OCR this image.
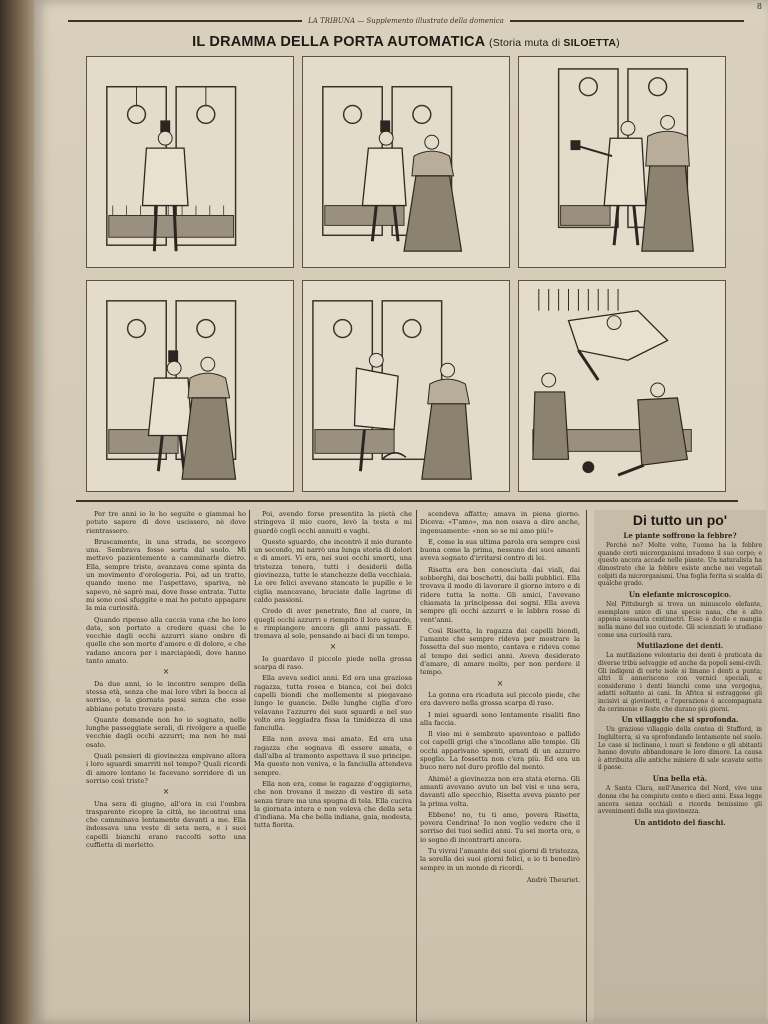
LA TRIBUNA — Supplemento illustrato della domenica
8
IL DRAMMA DELLA PORTA AUTOMATICA (Storia muta di SILOETTA)

Per tre anni io le ho seguite e giammai ho potuto sapere di dove uscissero, nè dove rientrassero.

Bruscamente, in una strada, ne scorgevo una. Sembrava fosse sorta dal suolo. Mi mettevo pazientemente a camminarle dietro. Ella, sempre triste, avanzava come spinta da un movimento d'orologeria. Poi, ad un tratto, quando meno me l'aspettavo, spariva, nè sapevo, nè saprò mai, dove fosse entrata. Tutte mi sono così sfuggite e mai ho potuto appagare la mia curiosità.

Quando ripenso alla caccia vana che ho loro data, son portato a credere quasi che le vecchie dagli occhi azzurri siano ombre di quelle che son morte d'amore e di dolore, e che vadano ancora per i marciapiedi, dove hanno tanto amato.

×

Da due anni, io le incontro sempre della stessa età, senza che mai loro vibri la bocca al sorriso, e la giornata passi senza che esse abbiano potuto trovare posto.

Quante domande non ho io sognato, nelle lunghe passeggiate serali, di rivolgere a quelle vecchie dagli occhi azzurri; ma non ho mai osato.

Quali pensieri di giovinezza empivano allora i loro sguardi smarriti nel tempo? Quali ricordi di amore lontano le facevano sorridere di un sorriso così triste?

×

Una sera di giugno, all'ora in cui l'ombra trasparente ricopre la città, ne incontrai una che camminava lentamente davanti a me. Ella indossava una veste di seta nera, e i suoi capelli bianchi erano raccolti sotto una cuffietta di merletto.

Poi, avendo forse presentita la pietà che stringeva il mio cuore, levò la testa e mi guardò cogli occhi annuiti e vaghi.

Questo sguardo, che incontrò il mio durante un secondo, mi narrò una lunga storia di dolori e di amori. Vi era, nei suoi occhi smorti, una tristezza tenera, tutti i desiderii della giovinezza, tutte le stanchezze della vecchiaia. Le ore felici avevano stancato le pupille e le ciglia mancavano, bruciate dalle lagrime di caldo passioni.

Credo di aver penetrato, fino al cuore, in quegli occhi azzurri e riempito il loro sguardo, e rimpiangere ancora gli anni passati. E tremava al sole, pensando ai baci di un tempo.

×

Io guardavo il piccolo piede nella grossa scarpa di raso.

Ella aveva sedici anni. Ed era una graziosa ragazza, tutta rosea e bianca, coi bei dolci capelli biondi che mollemente si piegavano lungo le guancie. Delle lunghe ciglia d'oro velavano l'azzurro dei suoi sguardi e nel suo volto era leggiadra fissa la timidezza di una fanciulla.

Ella non aveva mai amato. Ed era una ragazza che sognava di essere amata, e dall'alba al tramonto aspettava il suo principe. Ma questo non veniva, e la fanciulla attendeva sempre.

Ella non era, come le ragazze d'oggigiorno, che non trovano il mezzo di vestire di seta senza tirare ma una spugna di tela. Ella cuciva la giornata intera e non voleva che della seta d'indiana. Ma che bella indiana, gaia, modesta, tutta fiorita.

scendeva affatto; amava in piena giorno. Diceva: «T'amo», ma non osava a dire anche, ingenuamente: «non so se mi amo più!»

E, come la sua ultima parola era sempre così buona come la prima, nessuno dei suoi amanti aveva sognato d'irritarsi contro di lei.

Risetta era ben conosciuta dai viali, dai sobborghi, dai boschetti, dai balli pubblici. Ella trovava il modo di lavorare il giorno intero e di ridere tutta la notte. Gli amici, l'avevano chiamata la principessa dei sogni. Ella aveva sempre gli occhi azzurri e le labbra rosse di vent'anni.

Così Risetta, la ragazza dai capelli biondi, l'amante che sempre rideva per mostrare la fossetta del suo mento, cantava e rideva come al tempo dei sedici anni. Aveva desiderato d'amare, di amare molto, per non perdere il tempo.

×

La gonna era ricaduta sul piccolo piede, che era davvero nella grossa scarpa di raso.

I miei sguardi sono lentamente risaliti fino alla faccia.

Il viso mi è sembrato spaventoso e pallido coi capelli grigi che s'incollano alle tempie. Gli occhi apparivano spenti, ornati di un azzurro spoglio. La fossetta non c'era più. Ed era un buco nero nel duro profilo del mento.

Ahimè! a giovinezza non era stata eterna. Gli amanti avevano avuto un bel visi e una sera, davanti allo specchio, Risetta aveva pianto per la prima volta.

Ebbene! no, tu ti amo, povera Risetta, povera Cendrina! Io non voglio vedere che il sorriso dei tuoi sedici anni. Tu sei morta ora, e io sogno di incontrarti ancora.

Tu vivrai l'amante dei suoi giorni di tristezza, la sorella dei suoi giorni felici, e io ti benedirò sempre in un mondo di ricordi.

Andrè Theuriet.
Di tutto un po'
Le piante soffrono la febbre?

Perchè no? Molte volte, l'uomo ha la febbre quando certi microrganismi invadono il suo corpo; e questo ancora accade nelle piante. Un naturalista ha dimostrato che la febbre esiste anche nei vegetali colpiti da microrganismi. Una foglia ferita si scalda di qualche grado.

Un elefante microscopico.

Nel Pittsburgh si trova un minuscolo elefante, esemplare unico di una specie nana, che è alto appena sessanta centimetri. Esso è docile e mangia nella mano del suo custode. Gli scienziati lo studiano come una curiosità rara.

Mutilazione dei denti.

La mutilazione volontaria dei denti è praticata da diverse tribù selvaggie ed anche da popoli semi-civili. Gli indigeni di certe isole si limano i denti a punta; altri li anneriscono con vernici speciali, e considerano i denti bianchi come una vergogna, adatti soltanto ai cani. In Africa si estraggono gli incisivi ai giovinetti, e l'operazione è accompagnata da cerimonie e feste che durano più giorni.

Un villaggio che si sprofonda.

Un grazioso villaggio della contea di Stafford, in Inghilterra, si va sprofondando lentamente nel suolo. Le case si inclinano, i muri si fendono e gli abitanti hanno dovuto abbandonare le loro dimore. La causa è attribuita alle antiche miniere di sale scavate sotto il paese.

Una bella età.

A Santa Clara, nell'America del Nord, vive una donna che ha compiuto cento e dieci anni. Essa legge ancora senza occhiali e ricorda benissimo gli avvenimenti della sua giovinezza.

Un antidoto del fiaschi.
